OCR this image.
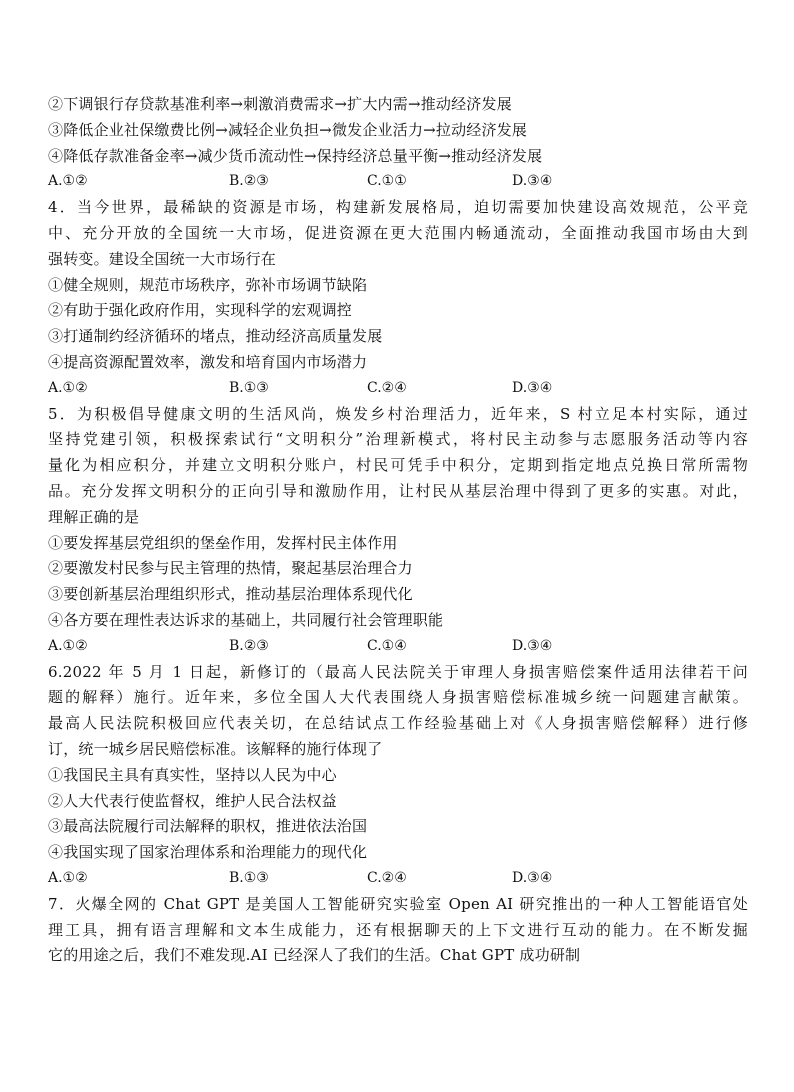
②下调银行存贷款基准利率→刺激消费需求→扩大内需→推动经济发展
③降低企业社保缴费比例→减轻企业负担→微发企业活力→拉动经济发展
④降低存款准备金率→减少货币流动性→保持经济总量平衡→推动经济发展
A.①②	B.②③	C.①①	D.③④
4．当今世界，最稀缺的资源是市场，构建新发展格局，迫切需要加快建设高效规范，公平竞
中、充分开放的全国统一大市场，促进资源在更大范围内畅通流动，全面推动我国市场由大到
强转变。建设全国统一大市场行在
①健全规则，规范市场秩序，弥补市场调节缺陷
②有助于强化政府作用，实现科学的宏观调控
③打通制约经济循环的堵点，推动经济高质量发展
④提高资源配置效率，激发和培育国内市场潜力
A.①②	B.①③	C.②④	D.③④
5．为积极倡导健康文明的生活风尚，焕发乡村治理活力，近年来，S 村立足本村实际，通过
坚持党建引领，积极探索试行“文明积分”治理新模式，将村民主动参与志愿服务活动等内容
量化为相应积分，并建立文明积分账户，村民可凭手中积分，定期到指定地点兑换日常所需物
品。充分发挥文明积分的正向引导和激励作用，让村民从基层治理中得到了更多的实惠。对此，
理解正确的是
①要发挥基层党组织的堡垒作用，发挥村民主体作用
②要激发村民参与民主管理的热情，聚起基层治理合力
③要创新基层治理组织形式，推动基层治理体系现代化
④各方要在理性表达诉求的基础上，共同履行社会管理职能
A.①②	B.②③	C.①④	D.③④
6.2022 年 5 月 1 日起，新修订的（最高人民法院关于审理人身损害赔偿案件适用法律若干问
题的解释）施行。近年来，多位全国人大代表围绕人身损害赔偿标准城乡统一问题建言献策。
最高人民法院积极回应代表关切，在总结试点工作经验基础上对《人身损害赔偿解释）进行修
订，统一城乡居民赔偿标准。该解释的施行体现了
①我国民主具有真实性，坚持以人民为中心
②人大代表行使监督权，维护人民合法权益
③最高法院履行司法解释的职权，推进依法治国
④我国实现了国家治理体系和治理能力的现代化
A.①②	B.①③	C.②④	D.③④
7．火爆全网的 Chat GPT 是美国人工智能研究实验室 Open AI 研究推出的一种人工智能语官处
理工具，拥有语言理解和文本生成能力，还有根据聊天的上下文进行互动的能力。在不断发掘
它的用途之后，我们不难发现.AI 已经深人了我们的生活。Chat GPT 成功研制
